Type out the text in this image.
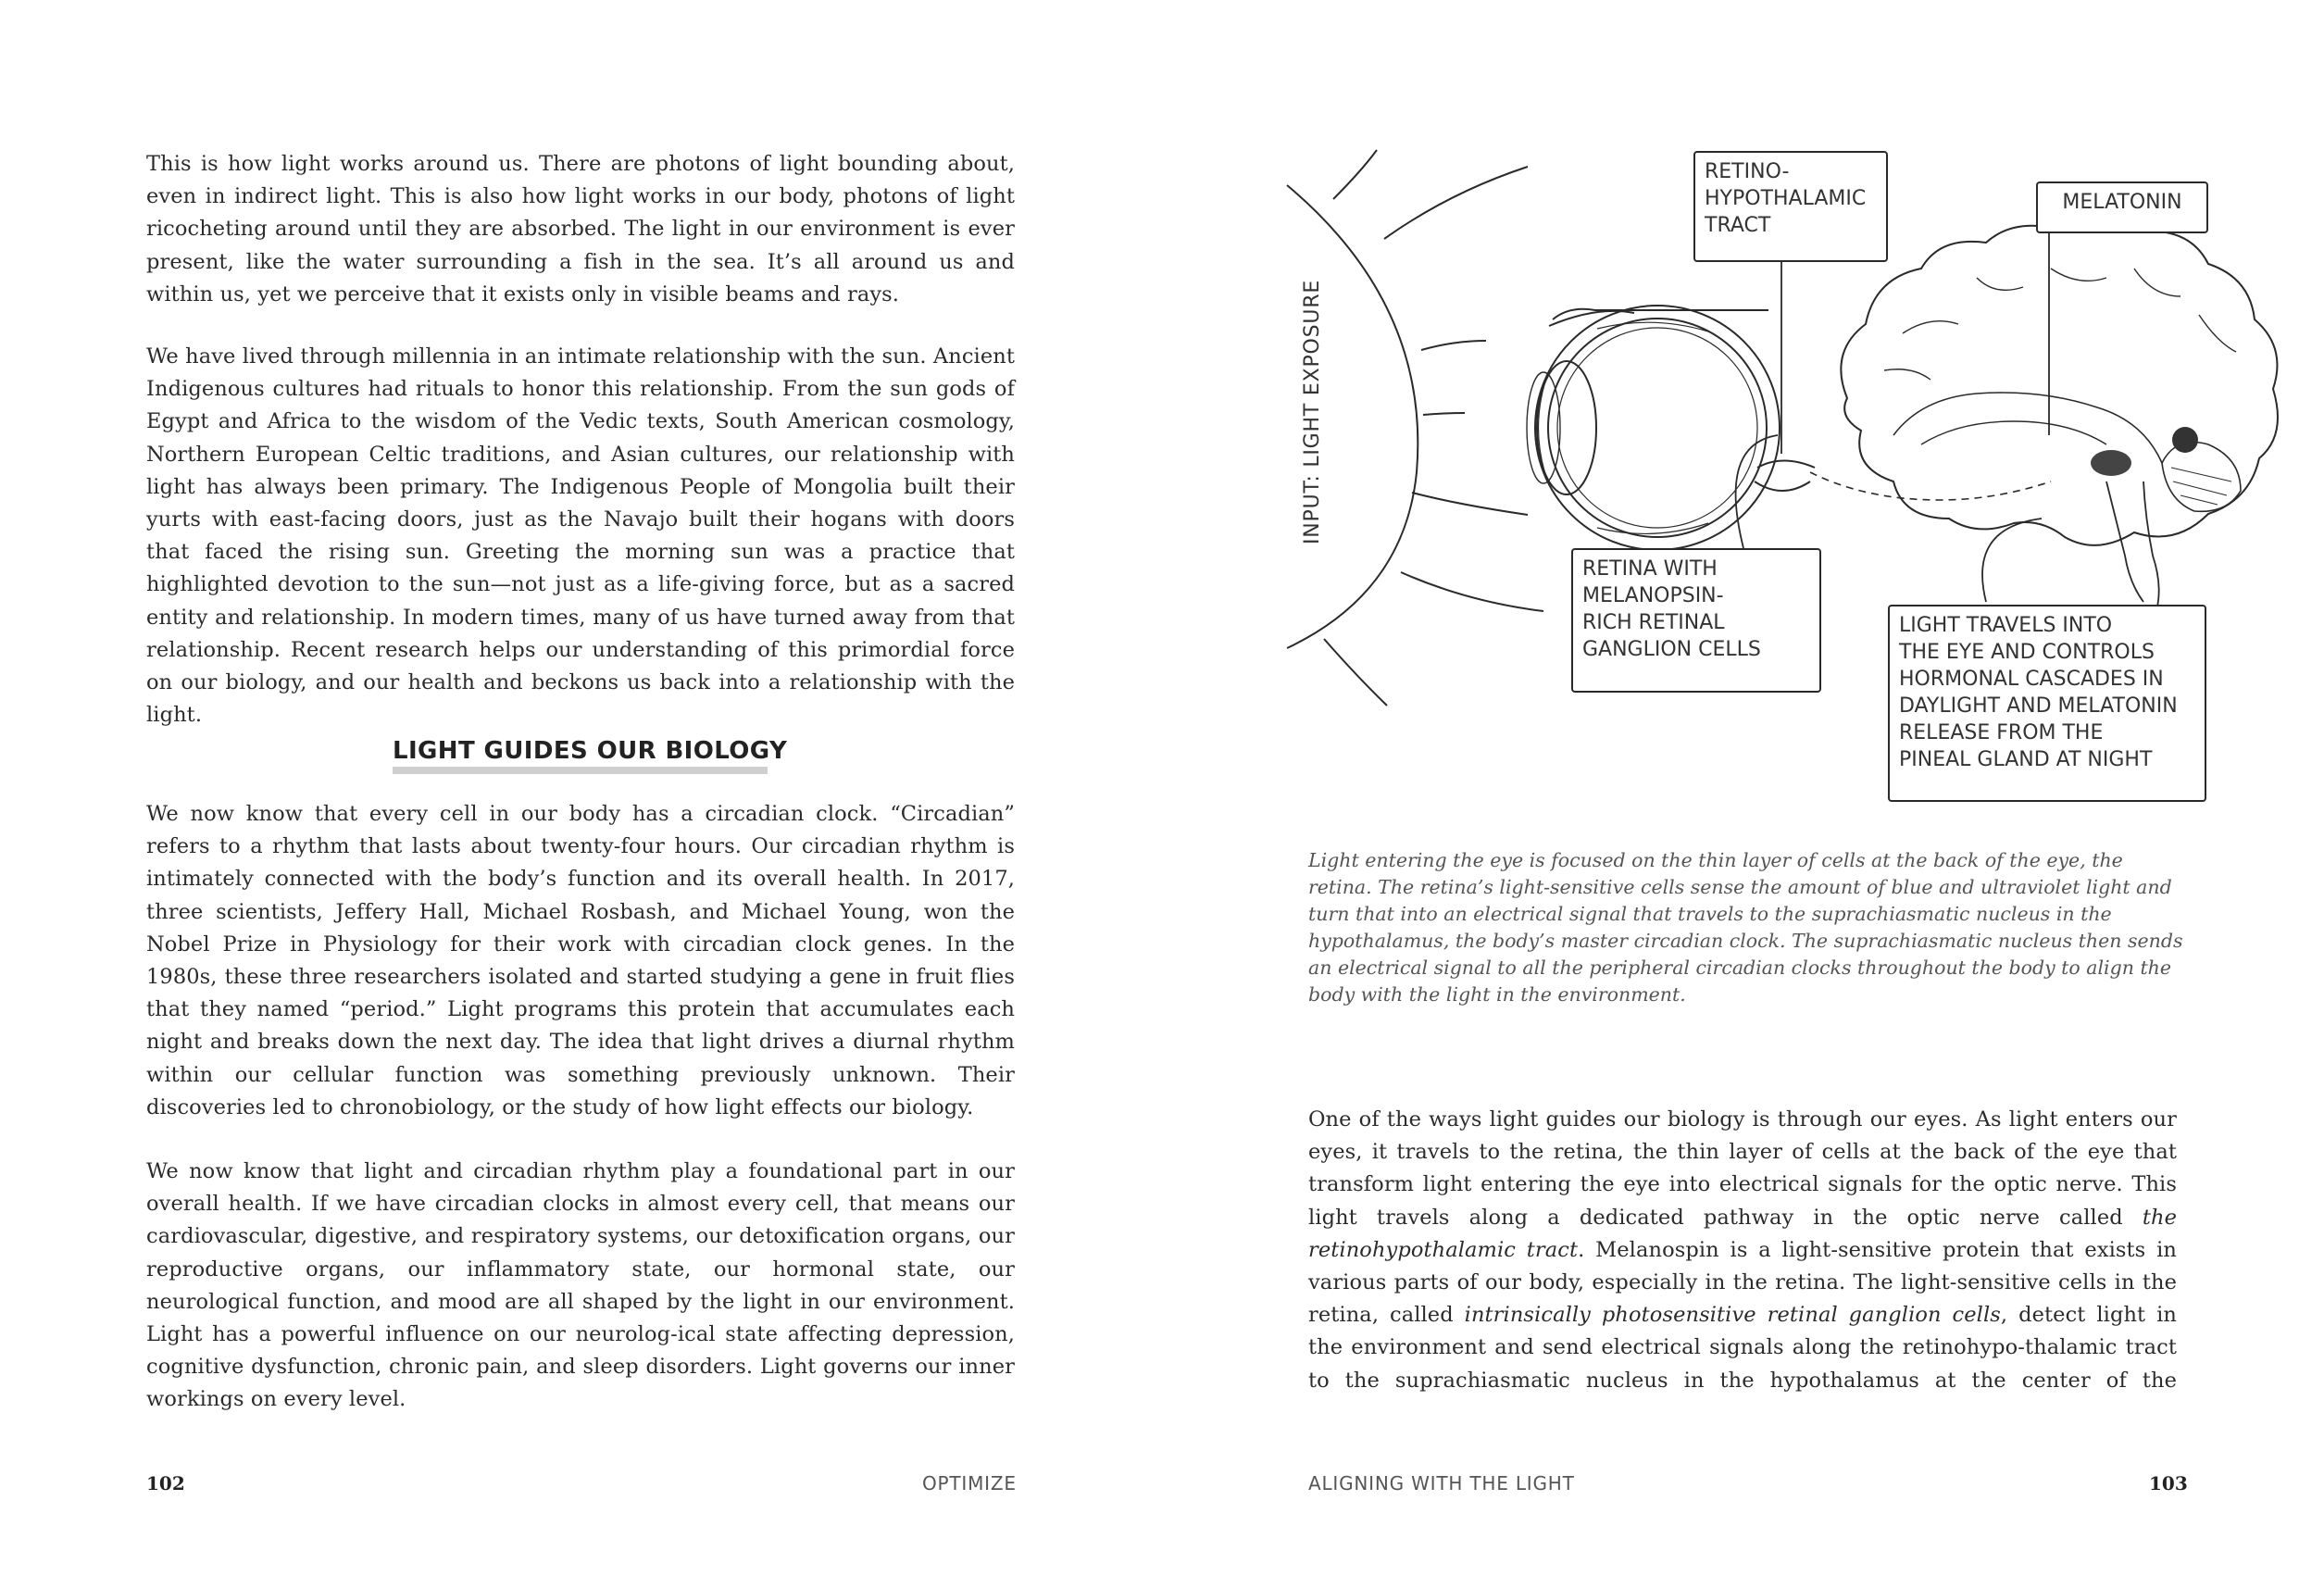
This is how light works around us. There are photons of light bounding about, even in indirect light. This is also how light works in our body, photons of light ricocheting around until they are absorbed. The light in our environment is ever present, like the water surrounding a fish in the sea. It’s all around us and within us, yet we perceive that it exists only in visible beams and rays.

We have lived through millennia in an intimate relationship with the sun. Ancient Indigenous cultures had rituals to honor this relationship. From the sun gods of Egypt and Africa to the wisdom of the Vedic texts, South American cosmology, Northern European Celtic traditions, and Asian cultures, our relationship with light has always been primary. The Indigenous People of Mongolia built their yurts with east-facing doors, just as the Navajo built their hogans with doors that faced the rising sun. Greeting the morning sun was a practice that highlighted devotion to the sun—not just as a life-giving force, but as a sacred entity and relationship. In modern times, many of us have turned away from that relationship. Recent research helps our understanding of this primordial force on our biology, and our health and beckons us back into a relationship with the light.

LIGHT GUIDES OUR BIOLOGY

We now know that every cell in our body has a circadian clock. “Circadian” refers to a rhythm that lasts about twenty-four hours. Our circadian rhythm is intimately connected with the body’s function and its overall health. In 2017, three scientists, Jeffery Hall, Michael Rosbash, and Michael Young, won the Nobel Prize in Physiology for their work with circadian clock genes. In the 1980s, these three researchers isolated and started studying a gene in fruit flies that they named “period.” Light programs this protein that accumulates each night and breaks down the next day. The idea that light drives a diurnal rhythm within our cellular function was something previously unknown. Their discoveries led to chronobiology, or the study of how light effects our biology.

We now know that light and circadian rhythm play a foundational part in our overall health. If we have circadian clocks in almost every cell, that means our cardiovascular, digestive, and respiratory systems, our detoxification organs, our reproductive organs, our inflammatory state, our hormonal state, our neurological function, and mood are all shaped by the light in our environment. Light has a powerful influence on our neurolog-ical state affecting depression, cognitive dysfunction, chronic pain, and sleep disorders. Light governs our inner workings on every level.

102	OPTIMIZE
INPUT: LIGHT EXPOSURE
RETINO-
HYPOTHALAMIC
TRACT
MELATONIN
RETINA WITH
MELANOPSIN-
RICH RETINAL
GANGLION CELLS
LIGHT TRAVELS INTO
THE EYE AND CONTROLS
HORMONAL CASCADES IN
DAYLIGHT AND MELATONIN
RELEASE FROM THE
PINEAL GLAND AT NIGHT

Light entering the eye is focused on the thin layer of cells at the back of the eye, the retina. The retina’s light-sensitive cells sense the amount of blue and ultraviolet light and turn that into an electrical signal that travels to the suprachiasmatic nucleus in the hypothalamus, the body’s master circadian clock. The suprachiasmatic nucleus then sends an electrical signal to all the peripheral circadian clocks throughout the body to align the body with the light in the environment.

One of the ways light guides our biology is through our eyes. As light enters our eyes, it travels to the retina, the thin layer of cells at the back of the eye that transform light entering the eye into electrical signals for the optic nerve. This light travels along a dedicated pathway in the optic nerve called the retinohypothalamic tract. Melanospin is a light-sensitive protein that exists in various parts of our body, especially in the retina. The light-sensitive cells in the retina, called intrinsically photosensitive retinal ganglion cells, detect light in the environment and send electrical signals along the retinohypo-thalamic tract to the suprachiasmatic nucleus in the hypothalamus at the center of the

ALIGNING WITH THE LIGHT	103
